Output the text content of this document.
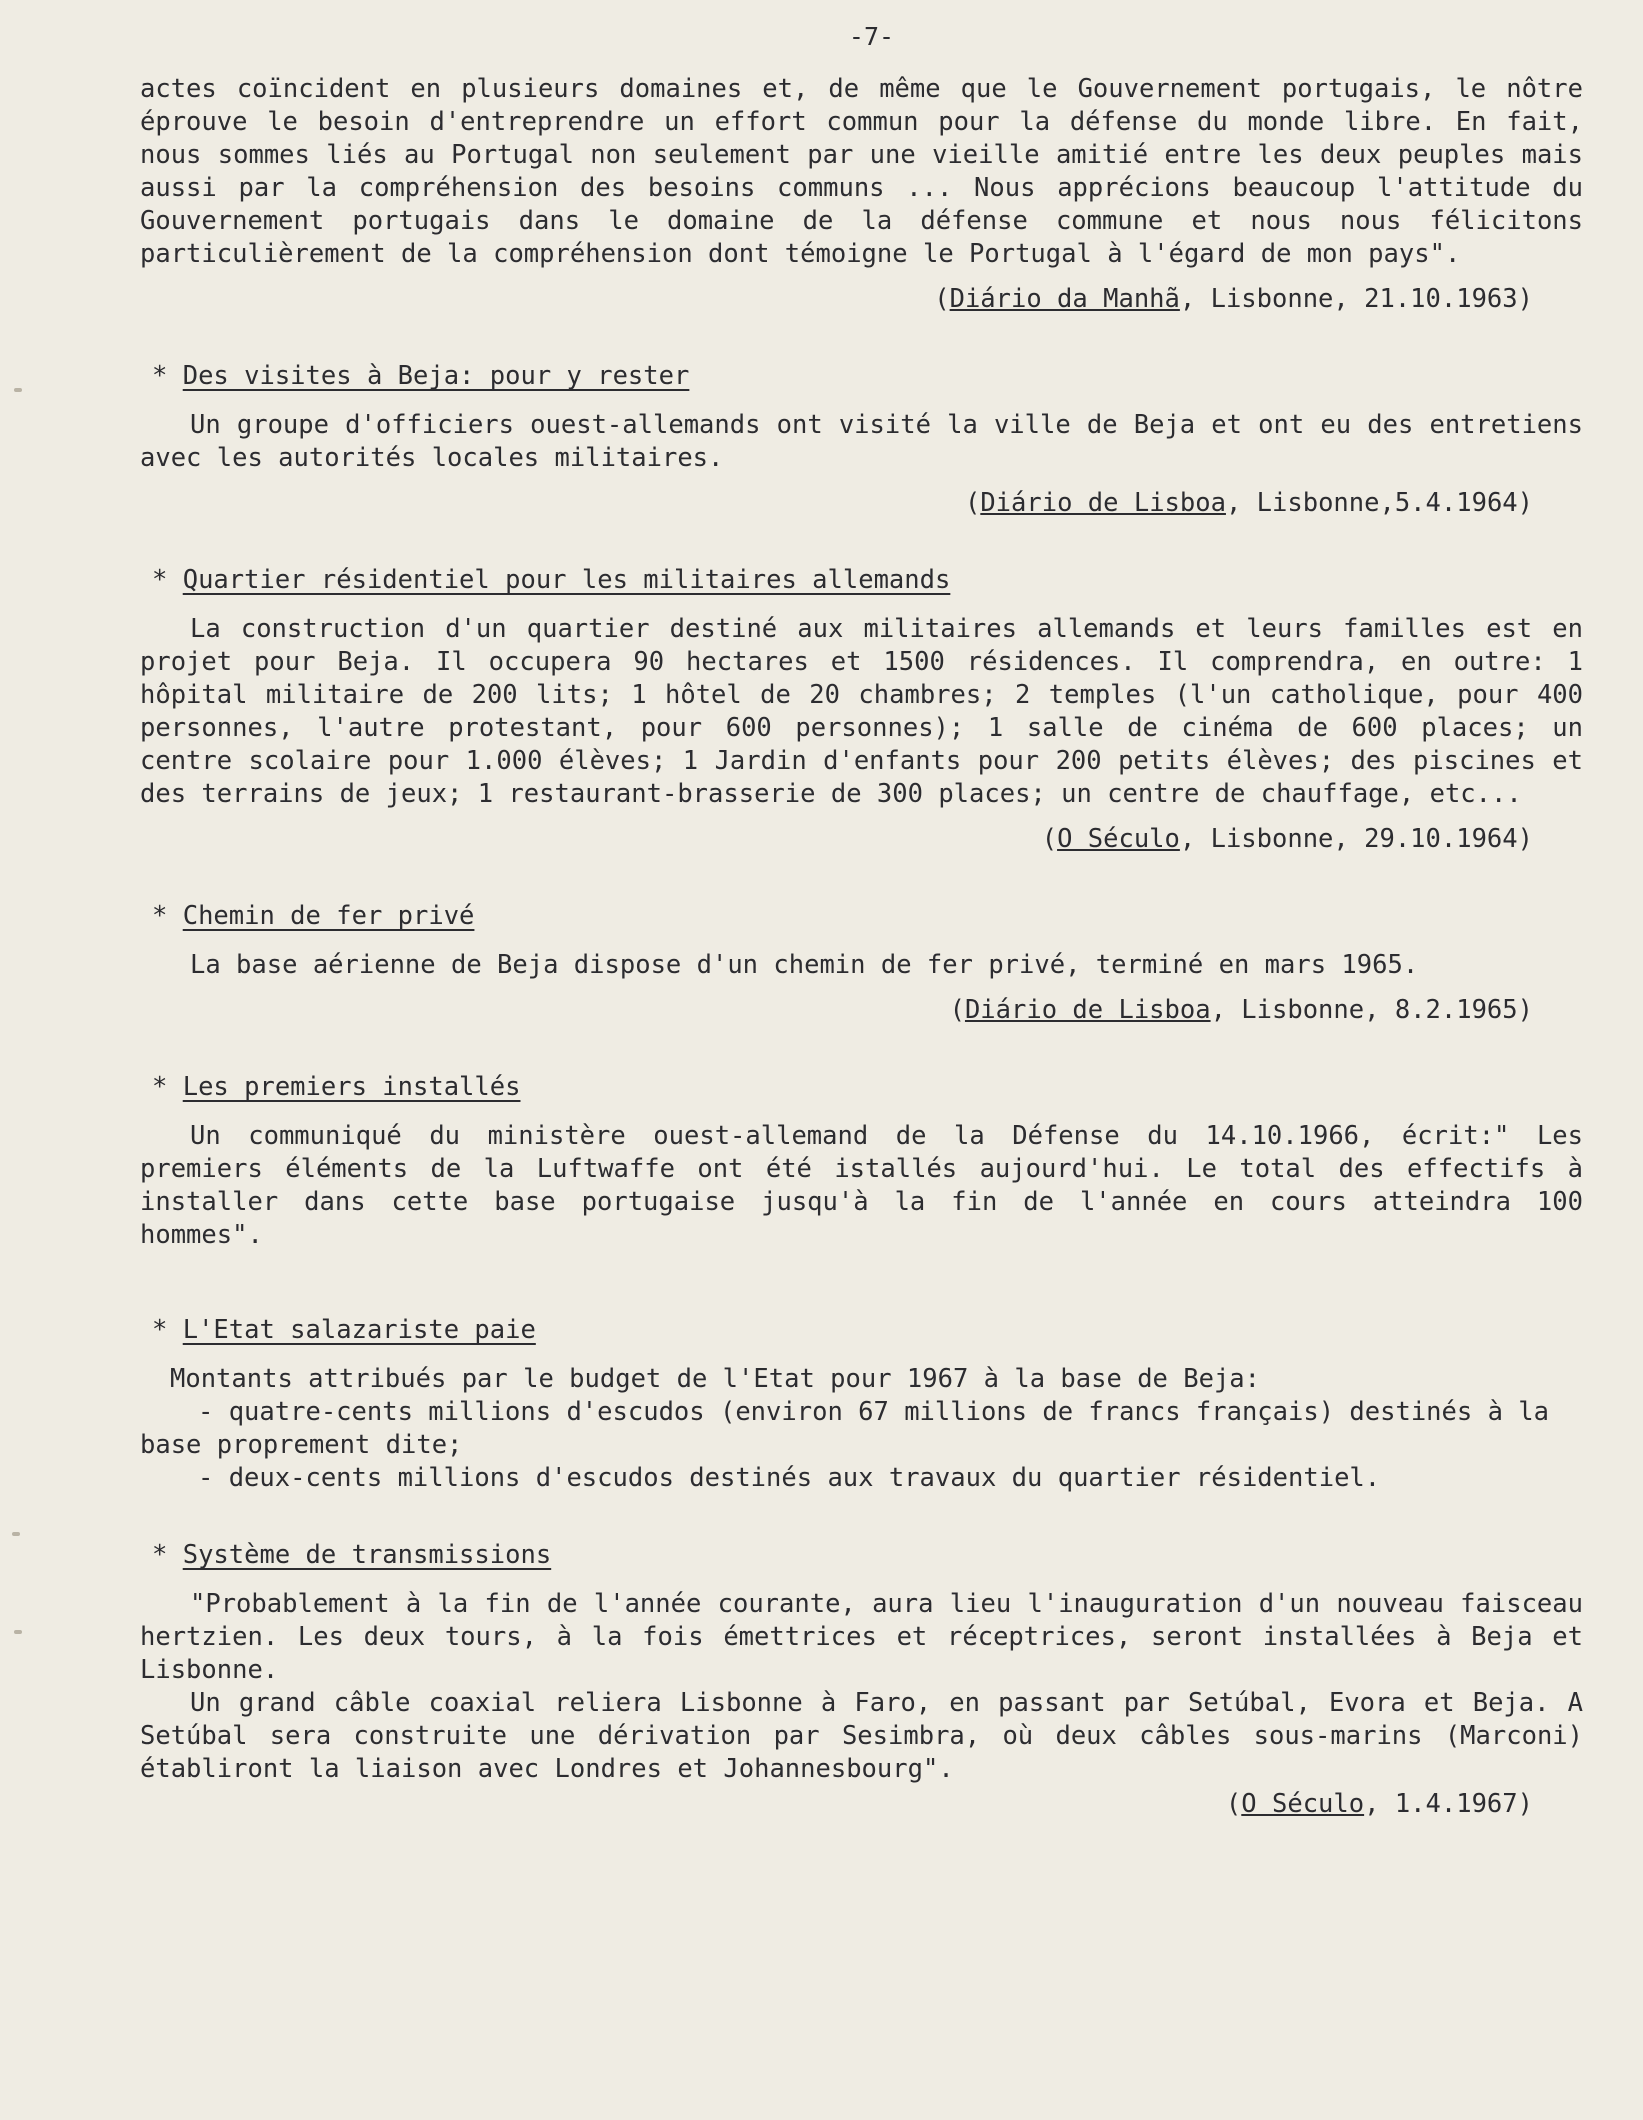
-7-

actes coïncident en plusieurs domaines et, de même que le Gouvernement portugais, le nôtre éprouve le besoin d'entreprendre un effort commun pour la défense du monde libre. En fait, nous sommes liés au Portugal non seulement par une vieille amitié entre les deux peuples mais aussi par la compréhension des besoins communs ... Nous apprécions beaucoup l'attitude du Gouvernement portugais dans le domaine de la défense commune et nous nous félicitons particulièrement de la compréhension dont témoigne le Portugal à l'égard de mon pays".

(Diário da Manhã, Lisbonne, 21.10.1963)
* Des visites à Beja: pour y rester

Un groupe d'officiers ouest-allemands ont visité la ville de Beja et ont eu des entretiens avec les autorités locales militaires.

(Diário de Lisboa, Lisbonne,5.4.1964)
* Quartier résidentiel pour les militaires allemands

La construction d'un quartier destiné aux militaires allemands et leurs familles est en projet pour Beja. Il occupera 90 hectares et 1500 résidences. Il comprendra, en outre: 1 hôpital militaire de 200 lits; 1 hôtel de 20 chambres; 2 temples (l'un catholique, pour 400 personnes, l'autre protestant, pour 600 personnes); 1 salle de cinéma de 600 places; un centre scolaire pour 1.000 élèves; 1 Jardin d'enfants pour 200 petits élèves; des piscines et des terrains de jeux; 1 restaurant-brasserie de 300 places; un centre de chauffage, etc...

(O Século, Lisbonne, 29.10.1964)
* Chemin de fer privé

La base aérienne de Beja dispose d'un chemin de fer privé, terminé en mars 1965.

(Diário de Lisboa, Lisbonne, 8.2.1965)
* Les premiers installés

Un communiqué du ministère ouest-allemand de la Défense du 14.10.1966, écrit:" Les premiers éléments de la Luftwaffe ont été istallés aujourd'hui. Le total des effectifs à installer dans cette base portugaise jusqu'à la fin de l'année en cours atteindra 100 hommes".

* L'Etat salazariste paie

Montants attribués par le budget de l'Etat pour 1967 à la base de Beja:

- quatre-cents millions d'escudos (environ 67 millions de francs français) destinés à la base proprement dite;

- deux-cents millions d'escudos destinés aux travaux du quartier résidentiel.

* Système de transmissions

"Probablement à la fin de l'année courante, aura lieu l'inauguration d'un nouveau faisceau hertzien. Les deux tours, à la fois émettrices et réceptrices, seront installées à Beja et Lisbonne.

Un grand câble coaxial reliera Lisbonne à Faro, en passant par Setúbal, Evora et Beja. A Setúbal sera construite une dérivation par Sesimbra, où deux câbles sous-marins (Marconi) établiront la liaison avec Londres et Johannesbourg".

(O Século, 1.4.1967)
